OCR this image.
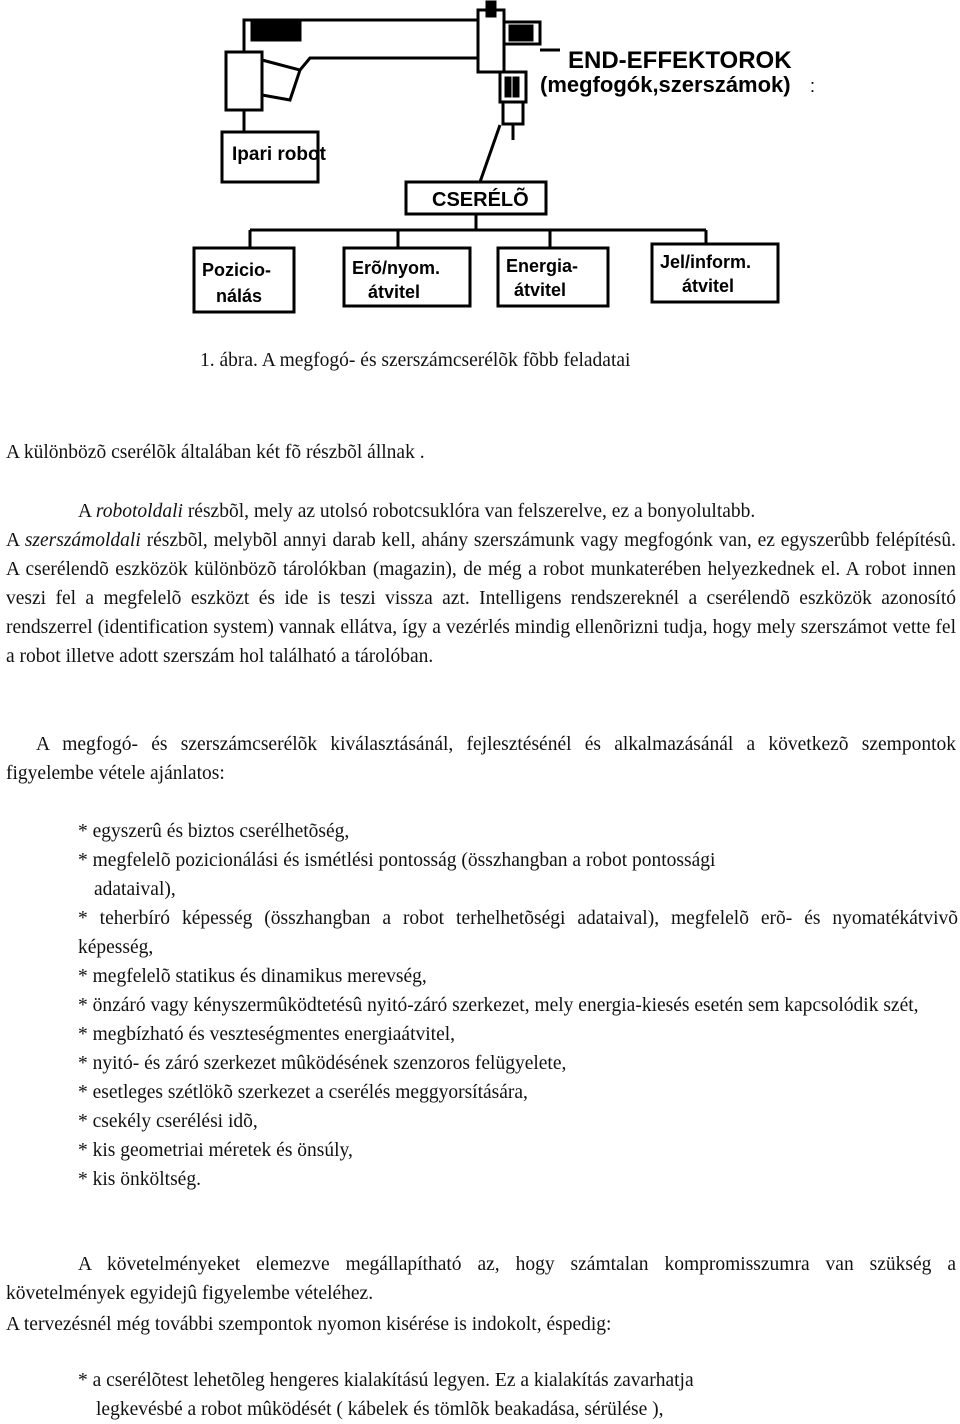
Ipari robot
END-EFFEKTOROK
(megfogók,szerszámok) :
CSERÉLÕ
Pozicio-
nálás
Erõ/nyom.
átvitel
Energia-
átvitel
Jel/inform.
átvitel
1. ábra. A megfogó- és szerszámcserélõk fõbb feladatai
A különbözõ cserélõk általában két fõ részbõl állnak .
A robotoldali részbõl, mely az utolsó robotcsuklóra van felszerelve, ez a bonyolultabb.
A szerszámoldali részbõl, melybõl annyi darab kell, ahány szerszámunk vagy megfogónk van, ez egyszerûbb felépítésû. A cserélendõ eszközök különbözõ tárolókban (magazin), de még a robot munkaterében helyezkednek el. A robot innen veszi fel a megfelelõ eszközt és ide is teszi vissza azt. Intelligens rendszereknél a cserélendõ eszközök azonosító rendszerrel (identification system) vannak ellátva, így a vezérlés mindig ellenõrizni tudja, hogy mely szerszámot vette fel a robot illetve adott szerszám hol található a tárolóban.
A megfogó- és szerszámcserélõk kiválasztásánál, fejlesztésénél és alkalmazásánál a következõ szempontok figyelembe vétele ajánlatos:
* egyszerû és biztos cserélhetõség,
* megfelelõ pozicionálási és ismétlési pontosság (összhangban a robot pontossági
adataival),
* teherbíró képesség (összhangban a robot terhelhetõségi adataival), megfelelõ erõ- és nyomatékátvivõ képesség,
* megfelelõ statikus és dinamikus merevség,
* önzáró vagy kényszermûködtetésû nyitó-záró szerkezet, mely energia-kiesés esetén sem kapcsolódik szét,
* megbízható és veszteségmentes energiaátvitel,
* nyitó- és záró szerkezet mûködésének szenzoros felügyelete,
* esetleges szétlökõ szerkezet a cserélés meggyorsítására,
* csekély cserélési idõ,
* kis geometriai méretek és önsúly,
* kis önköltség.
A követelményeket elemezve megállapítható az, hogy számtalan kompromisszumra van szükség a követelmények egyidejû figyelembe vételéhez.
A tervezésnél még további szempontok nyomon kisérése is indokolt, éspedig:
* a cserélõtest lehetõleg hengeres kialakítású legyen. Ez a kialakítás zavarhatja
legkevésbé a robot mûködését ( kábelek és tömlõk beakadása, sérülése ),
